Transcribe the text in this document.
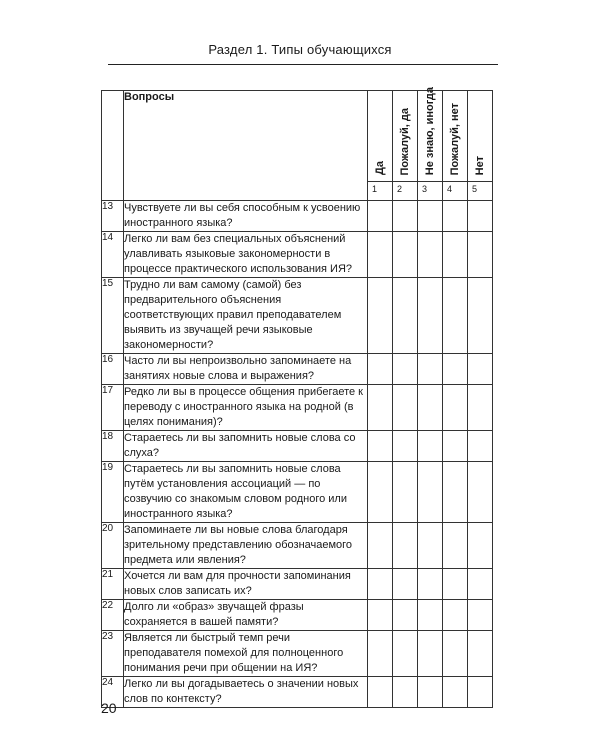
Раздел 1. Типы обучающихся
	Вопросы	Да	Пожалуй, да	Не знаю, иногда	Пожалуй, нет	Нет

		1	2	3	4	5
13	Чувствуете ли вы себя способным к усвоению иностранного языка?					
14	Легко ли вам без специальных объяснений улавливать языковые закономерности в процессе практического использования ИЯ?					
15	Трудно ли вам самому (самой) без предварительного объяснения соответствующих правил преподавателем выявить из звучащей речи языковые закономерности?					
16	Часто ли вы непроизвольно запоминаете на занятиях новые слова и выражения?					
17	Редко ли вы в процессе общения прибегаете к переводу с иностранного языка на родной (в целях понимания)?					
18	Стараетесь ли вы запомнить новые слова со слуха?					
19	Стараетесь ли вы запомнить новые слова путём установления ассоциаций — по созвучию со знакомым словом родного или иностранного языка?					
20	Запоминаете ли вы новые слова благодаря зрительному представлению обозначаемого предмета или явления?					
21	Хочется ли вам для прочности запоминания новых слов записать их?					
22	Долго ли «образ» звучащей фразы сохраняется в вашей памяти?					
23	Является ли быстрый темп речи преподавателя помехой для полноценного понимания речи при общении на ИЯ?					
24	Легко ли вы догадываетесь о значении новых слов по контексту?					
20
